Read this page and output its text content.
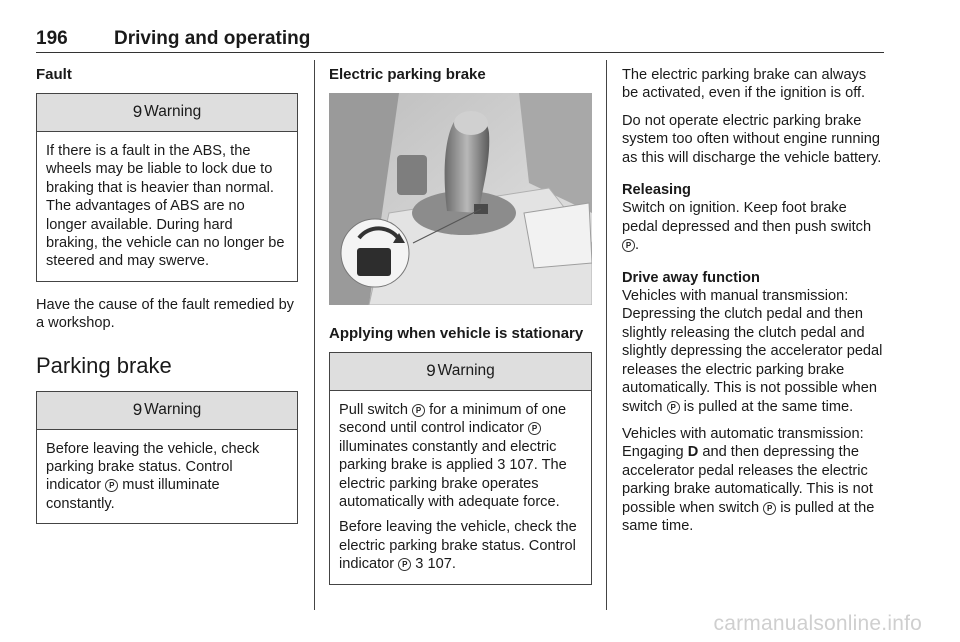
196 Driving and operating
Fault
9 Warning

If there is a fault in the ABS, the wheels may be liable to lock due to braking that is heavier than normal. The advantages of ABS are no longer available. During hard braking, the vehicle can no longer be steered and may swerve.

Have the cause of the fault remedied by a workshop.

Parking brake
9 Warning

Before leaving the vehicle, check parking brake status. Control indicator P must illuminate constantly.

Electric parking brake
Applying when vehicle is stationary
9 Warning

Pull switch P for a minimum of one second until control indicator P illuminates constantly and electric parking brake is applied 3 107. The electric parking brake operates automatically with adequate force.

Before leaving the vehicle, check the electric parking brake status. Control indicator P 3 107.

The electric parking brake can always be activated, even if the ignition is off.

Do not operate electric parking brake system too often without engine running as this will discharge the vehicle battery.

Releasing

Switch on ignition. Keep foot brake pedal depressed and then push switch P .

Drive away function

Vehicles with manual transmission: Depressing the clutch pedal and then slightly releasing the clutch pedal and slightly depressing the accelerator pedal releases the electric parking brake automatically. This is not possible when switch P is pulled at the same time.

Vehicles with automatic transmission: Engaging D and then depressing the accelerator pedal releases the electric parking brake automatically. This is not possible when switch P is pulled at the same time.

carmanualsonline.info
